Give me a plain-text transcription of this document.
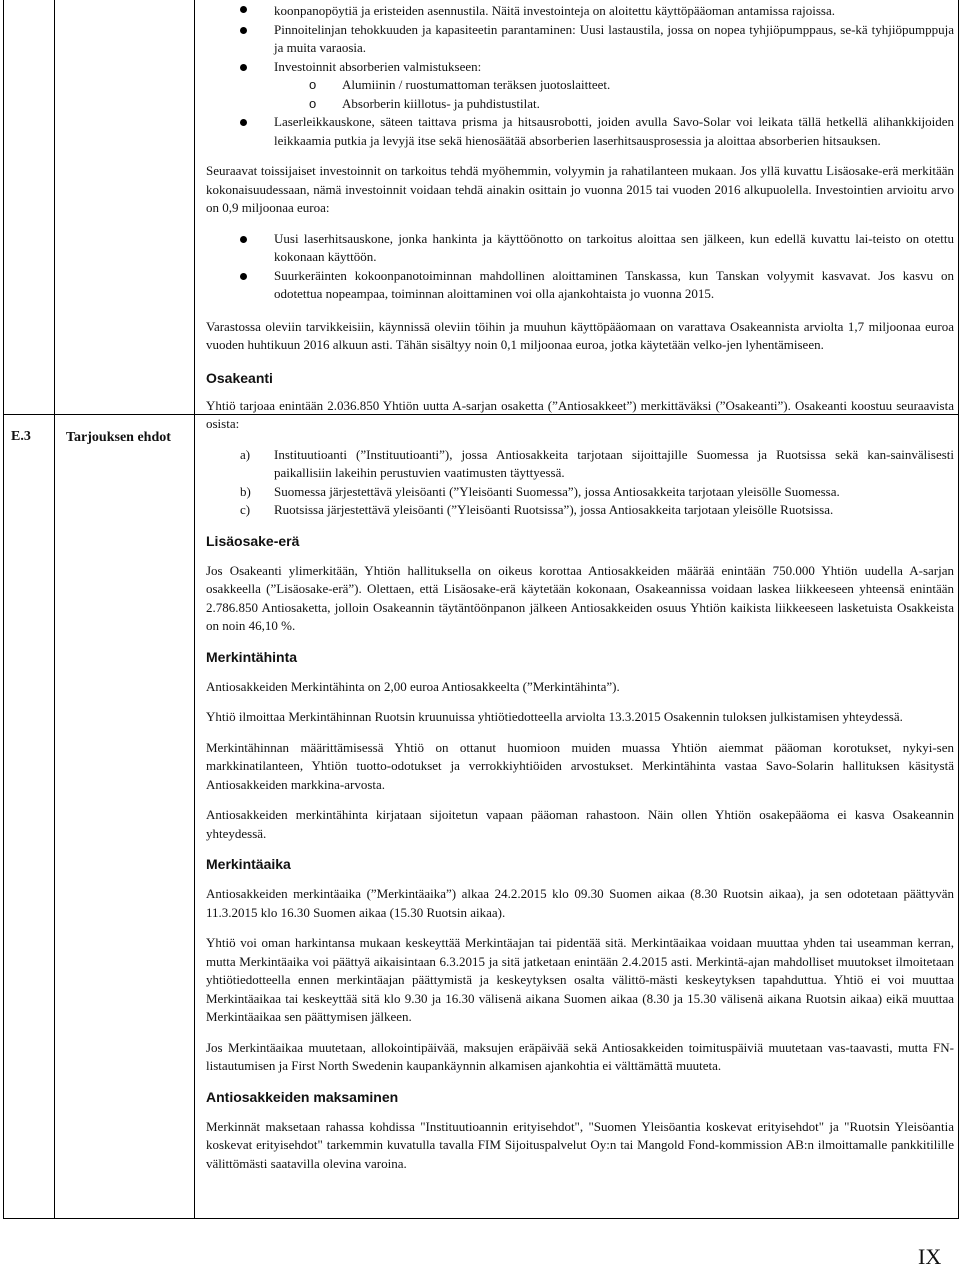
E.3	Tarjouksen ehdot
koonpanopöytiä ja eristeiden asennustila. Näitä investointeja on aloitettu käyttöpääoman antamissa rajoissa.
Pinnoitelinjan tehokkuuden ja kapasiteetin parantaminen: Uusi lastaustila, jossa on nopea tyhjiöpumppaus, se-kä tyhjiöpumppuja ja muita varaosia.
Investoinnit absorberien valmistukseen:
o Alumiinin / ruostumattoman teräksen juotoslaitteet.
o Absorberin kiillotus- ja puhdistustilat.
Laserleikkauskone, säteen taittava prisma ja hitsausrobotti, joiden avulla Savo-Solar voi leikata tällä hetkellä alihankkijoiden leikkaamia putkia ja levyjä itse sekä hienosäätää absorberien laserhitsausprosessia ja aloittaa absorberien hitsauksen.

Seuraavat toissijaiset investoinnit on tarkoitus tehdä myöhemmin, volyymin ja rahatilanteen mukaan. Jos yllä kuvattu Lisäosake-erä merkitään kokonaisuudessaan, nämä investoinnit voidaan tehdä ainakin osittain jo vuonna 2015 tai vuoden 2016 alkupuolella. Investointien arvioitu arvo on 0,9 miljoonaa euroa:

Uusi laserhitsauskone, jonka hankinta ja käyttöönotto on tarkoitus aloittaa sen jälkeen, kun edellä kuvattu lai-teisto on otettu kokonaan käyttöön.
Suurkeräinten kokoonpanotoiminnan mahdollinen aloittaminen Tanskassa, kun Tanskan volyymit kasvavat. Jos kasvu on odotettua nopeampaa, toiminnan aloittaminen voi olla ajankohtaista jo vuonna 2015.

Varastossa oleviin tarvikkeisiin, käynnissä oleviin töihin ja muuhun käyttöpääomaan on varattava Osakeannista arviolta 1,7 miljoonaa euroa vuoden huhtikuun 2016 alkuun asti. Tähän sisältyy noin 0,1 miljoonaa euroa, jotka käytetään velko-jen lyhentämiseen.

Osakeanti

Yhtiö tarjoaa enintään 2.036.850 Yhtiön uutta A-sarjan osaketta (”Antiosakkeet”) merkittäväksi (”Osakeanti”). Osakeanti koostuu seuraavista osista:

a) Instituutioanti (”Instituutioanti”), jossa Antiosakkeita tarjotaan sijoittajille Suomessa ja Ruotsissa sekä kan-sainvälisesti paikallisiin lakeihin perustuvien vaatimusten täyttyessä.
b) Suomessa järjestettävä yleisöanti (”Yleisöanti Suomessa”), jossa Antiosakkeita tarjotaan yleisölle Suomessa.
c) Ruotsissa järjestettävä yleisöanti (”Yleisöanti Ruotsissa”), jossa Antiosakkeita tarjotaan yleisölle Ruotsissa.
Lisäosake-erä

Jos Osakeanti ylimerkitään, Yhtiön hallituksella on oikeus korottaa Antiosakkeiden määrää enintään 750.000 Yhtiön uudella A-sarjan osakkeella (”Lisäosake-erä”). Olettaen, että Lisäosake-erä käytetään kokonaan, Osakeannissa voidaan laskea liikkeeseen yhteensä enintään 2.786.850 Antiosaketta, jolloin Osakeannin täytäntöönpanon jälkeen Antiosakkeiden osuus Yhtiön kaikista liikkeeseen lasketuista Osakkeista on noin 46,10 %.

Merkintähinta

Antiosakkeiden Merkintähinta on 2,00 euroa Antiosakkeelta (”Merkintähinta”).

Yhtiö ilmoittaa Merkintähinnan Ruotsin kruunuissa yhtiötiedotteella arviolta 13.3.2015 Osakennin tuloksen julkistamisen yhteydessä.

Merkintähinnan määrittämisessä Yhtiö on ottanut huomioon muiden muassa Yhtiön aiemmat pääoman korotukset, nykyi-sen markkinatilanteen, Yhtiön tuotto-odotukset ja verrokkiyhtiöiden arvostukset. Merkintähinta vastaa Savo-Solarin hallituksen käsitystä Antiosakkeiden markkina-arvosta.

Antiosakkeiden merkintähinta kirjataan sijoitetun vapaan pääoman rahastoon. Näin ollen Yhtiön osakepääoma ei kasva Osakeannin yhteydessä.

Merkintäaika

Antiosakkeiden merkintäaika (”Merkintäaika”) alkaa 24.2.2015 klo 09.30 Suomen aikaa (8.30 Ruotsin aikaa), ja sen odotetaan päättyvän 11.3.2015 klo 16.30 Suomen aikaa (15.30 Ruotsin aikaa).

Yhtiö voi oman harkintansa mukaan keskeyttää Merkintäajan tai pidentää sitä. Merkintäaikaa voidaan muuttaa yhden tai useamman kerran, mutta Merkintäaika voi päättyä aikaisintaan 6.3.2015 ja sitä jatketaan enintään 2.4.2015 asti. Merkintä-ajan mahdolliset muutokset ilmoitetaan yhtiötiedotteella ennen merkintäajan päättymistä ja keskeytyksen osalta välittö-mästi keskeytyksen tapahduttua. Yhtiö ei voi muuttaa Merkintäaikaa tai keskeyttää sitä klo 9.30 ja 16.30 välisenä aikana Suomen aikaa (8.30 ja 15.30 välisenä aikana Ruotsin aikaa) eikä muuttaa Merkintäaikaa sen päättymisen jälkeen.

Jos Merkintäaikaa muutetaan, allokointipäivää, maksujen eräpäivää sekä Antiosakkeiden toimituspäiviä muutetaan vas-taavasti, mutta FN-listautumisen ja First North Swedenin kaupankäynnin alkamisen ajankohtia ei välttämättä muuteta.

Antiosakkeiden maksaminen

Merkinnät maksetaan rahassa kohdissa "Instituutioannin erityisehdot", "Suomen Yleisöantia koskevat erityisehdot" ja "Ruotsin Yleisöantia koskevat erityisehdot" tarkemmin kuvatulla tavalla FIM Sijoituspalvelut Oy:n tai Mangold Fond-kommission AB:n ilmoittamalle pankkitilille välittömästi saatavilla olevina varoina.

IX
